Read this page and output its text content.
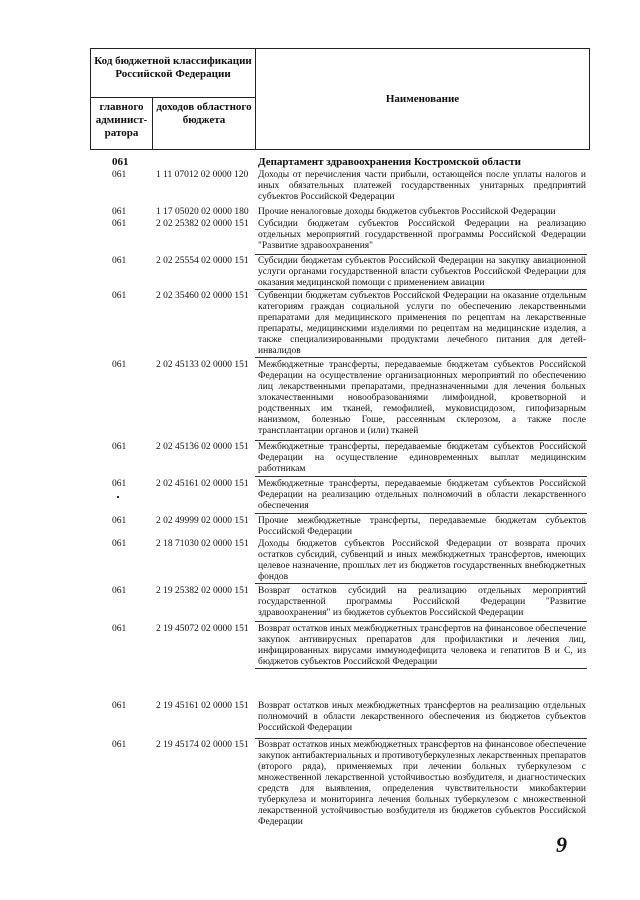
Код бюджетной классификации Российской Федерации
главного админист-ратора
доходов областного бюджета
Наименование
061	Департамент здравоохранения Костромской области
061	1 11 07012 02 0000 120 Доходы от перечисления части прибыли, остающейся после уплаты налогов и иных обязательных платежей государственных унитарных предприятий субъектов Российской Федерации
061	1 17 05020 02 0000 180 Прочие неналоговые доходы бюджетов субъектов Российской Федерации
061	2 02 25382 02 0000 151 Субсидии бюджетам субъектов Российской Федерации на реализацию отдельных мероприятий государственной программы Российской Федерации "Развитие здравоохранения"
061	2 02 25554 02 0000 151 Субсидии бюджетам субъектов Российской Федерации на закупку авиационной услуги органами государственной власти субъектов Российской Федерации для оказания медицинской помощи с применением авиации
061	2 02 35460 02 0000 151 Субвенции бюджетам субъектов Российской Федерации на оказание отдельным категориям граждан социальной услуги по обеспечению лекарственными препаратами для медицинского применения по рецептам на лекарственные препараты, медицинскими изделиями по рецептам на медицинские изделия, а также специализированными продуктами лечебного питания для детей-инвалидов
061	2 02 45133 02 0000 151 Межбюджетные трансферты, передаваемые бюджетам субъектов Российской Федерации на осуществление организационных мероприятий по обеспечению лиц лекарственными препаратами, предназначенными для лечения больных злокачественными новообразованиями лимфоидной, кроветворной и родственных им тканей, гемофилией, муковисцидозом, гипофизарным нанизмом, болезнью Гоше, рассеянным склерозом, а также после трансплантации органов и (или) тканей
061	2 02 45136 02 0000 151 Межбюджетные трансферты, передаваемые бюджетам субъектов Российской Федерации на осуществление единовременных выплат медицинским работникам
061	2 02 45161 02 0000 151 Межбюджетные трансферты, передаваемые бюджетам субъектов Российской Федерации на реализацию отдельных полномочий в области лекарственного обеспечения
061	2 02 49999 02 0000 151 Прочие межбюджетные трансферты, передаваемые бюджетам субъектов Российской Федерации
061	2 18 71030 02 0000 151 Доходы бюджетов субъектов Российской Федерации от возврата прочих остатков субсидий, субвенций и иных межбюджетных трансфертов, имеющих целевое назначение, прошлых лет из бюджетов государственных внебюджетных фондов
061	2 19 25382 02 0000 151 Возврат остатков субсидий на реализацию отдельных мероприятий государственной программы Российской Федерации "Развитие здравоохранения" из бюджетов субъектов Российской Федерации
061	2 19 45072 02 0000 151 Возврат остатков иных межбюджетных трансфертов на финансовое обеспечение закупок антивирусных препаратов для профилактики и лечения лиц, инфицированных вирусами иммунодефицита человека и гепатитов В и С, из бюджетов субъектов Российской Федерации
061	2 19 45161 02 0000 151 Возврат остатков иных межбюджетных трансфертов на реализацию отдельных полномочий в области лекарственного обеспечения из бюджетов субъектов Российской Федерации
061	2 19 45174 02 0000 151 Возврат остатков иных межбюджетных трансфертов на финансовое обеспечение закупок антибактериальных и противотуберкулезных лекарственных препаратов (второго ряда), применяемых при лечении больных туберкулезом с множественной лекарственной устойчивостью возбудителя, и диагностических средств для выявления, определения чувствительности микобактерии туберкулеза и мониторинга лечения больных туберкулезом с множественной лекарственной устойчивостью возбудителя из бюджетов субъектов Российской Федерации
9
